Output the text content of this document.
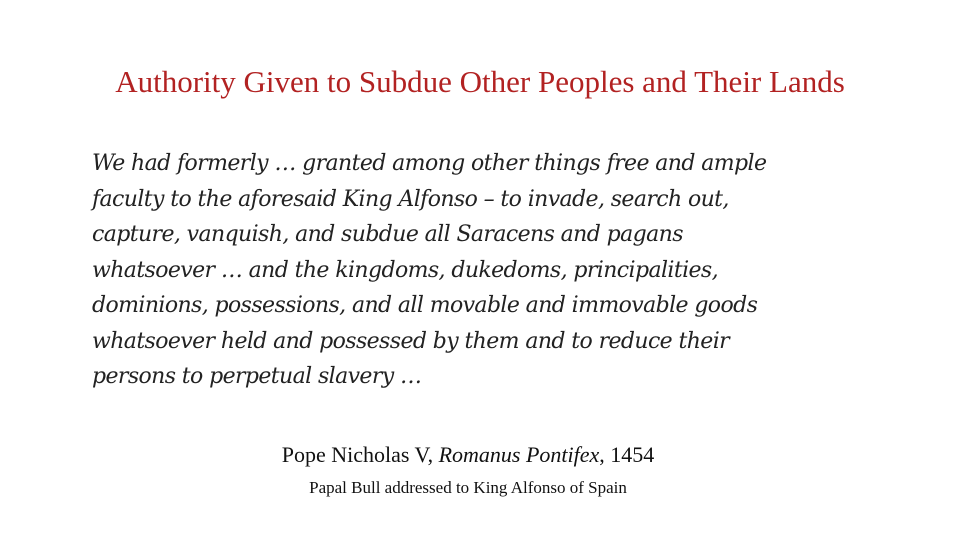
Authority Given to Subdue Other Peoples and Their Lands
We had formerly … granted among other things free and ample
faculty to the aforesaid King Alfonso – to invade, search out,
capture, vanquish, and subdue all Saracens and pagans
whatsoever … and the kingdoms, dukedoms, principalities,
dominions, possessions, and all movable and immovable goods
whatsoever held and possessed by them and to reduce their
persons to perpetual slavery …
Pope Nicholas V, Romanus Pontifex, 1454
Papal Bull addressed to King Alfonso of Spain
